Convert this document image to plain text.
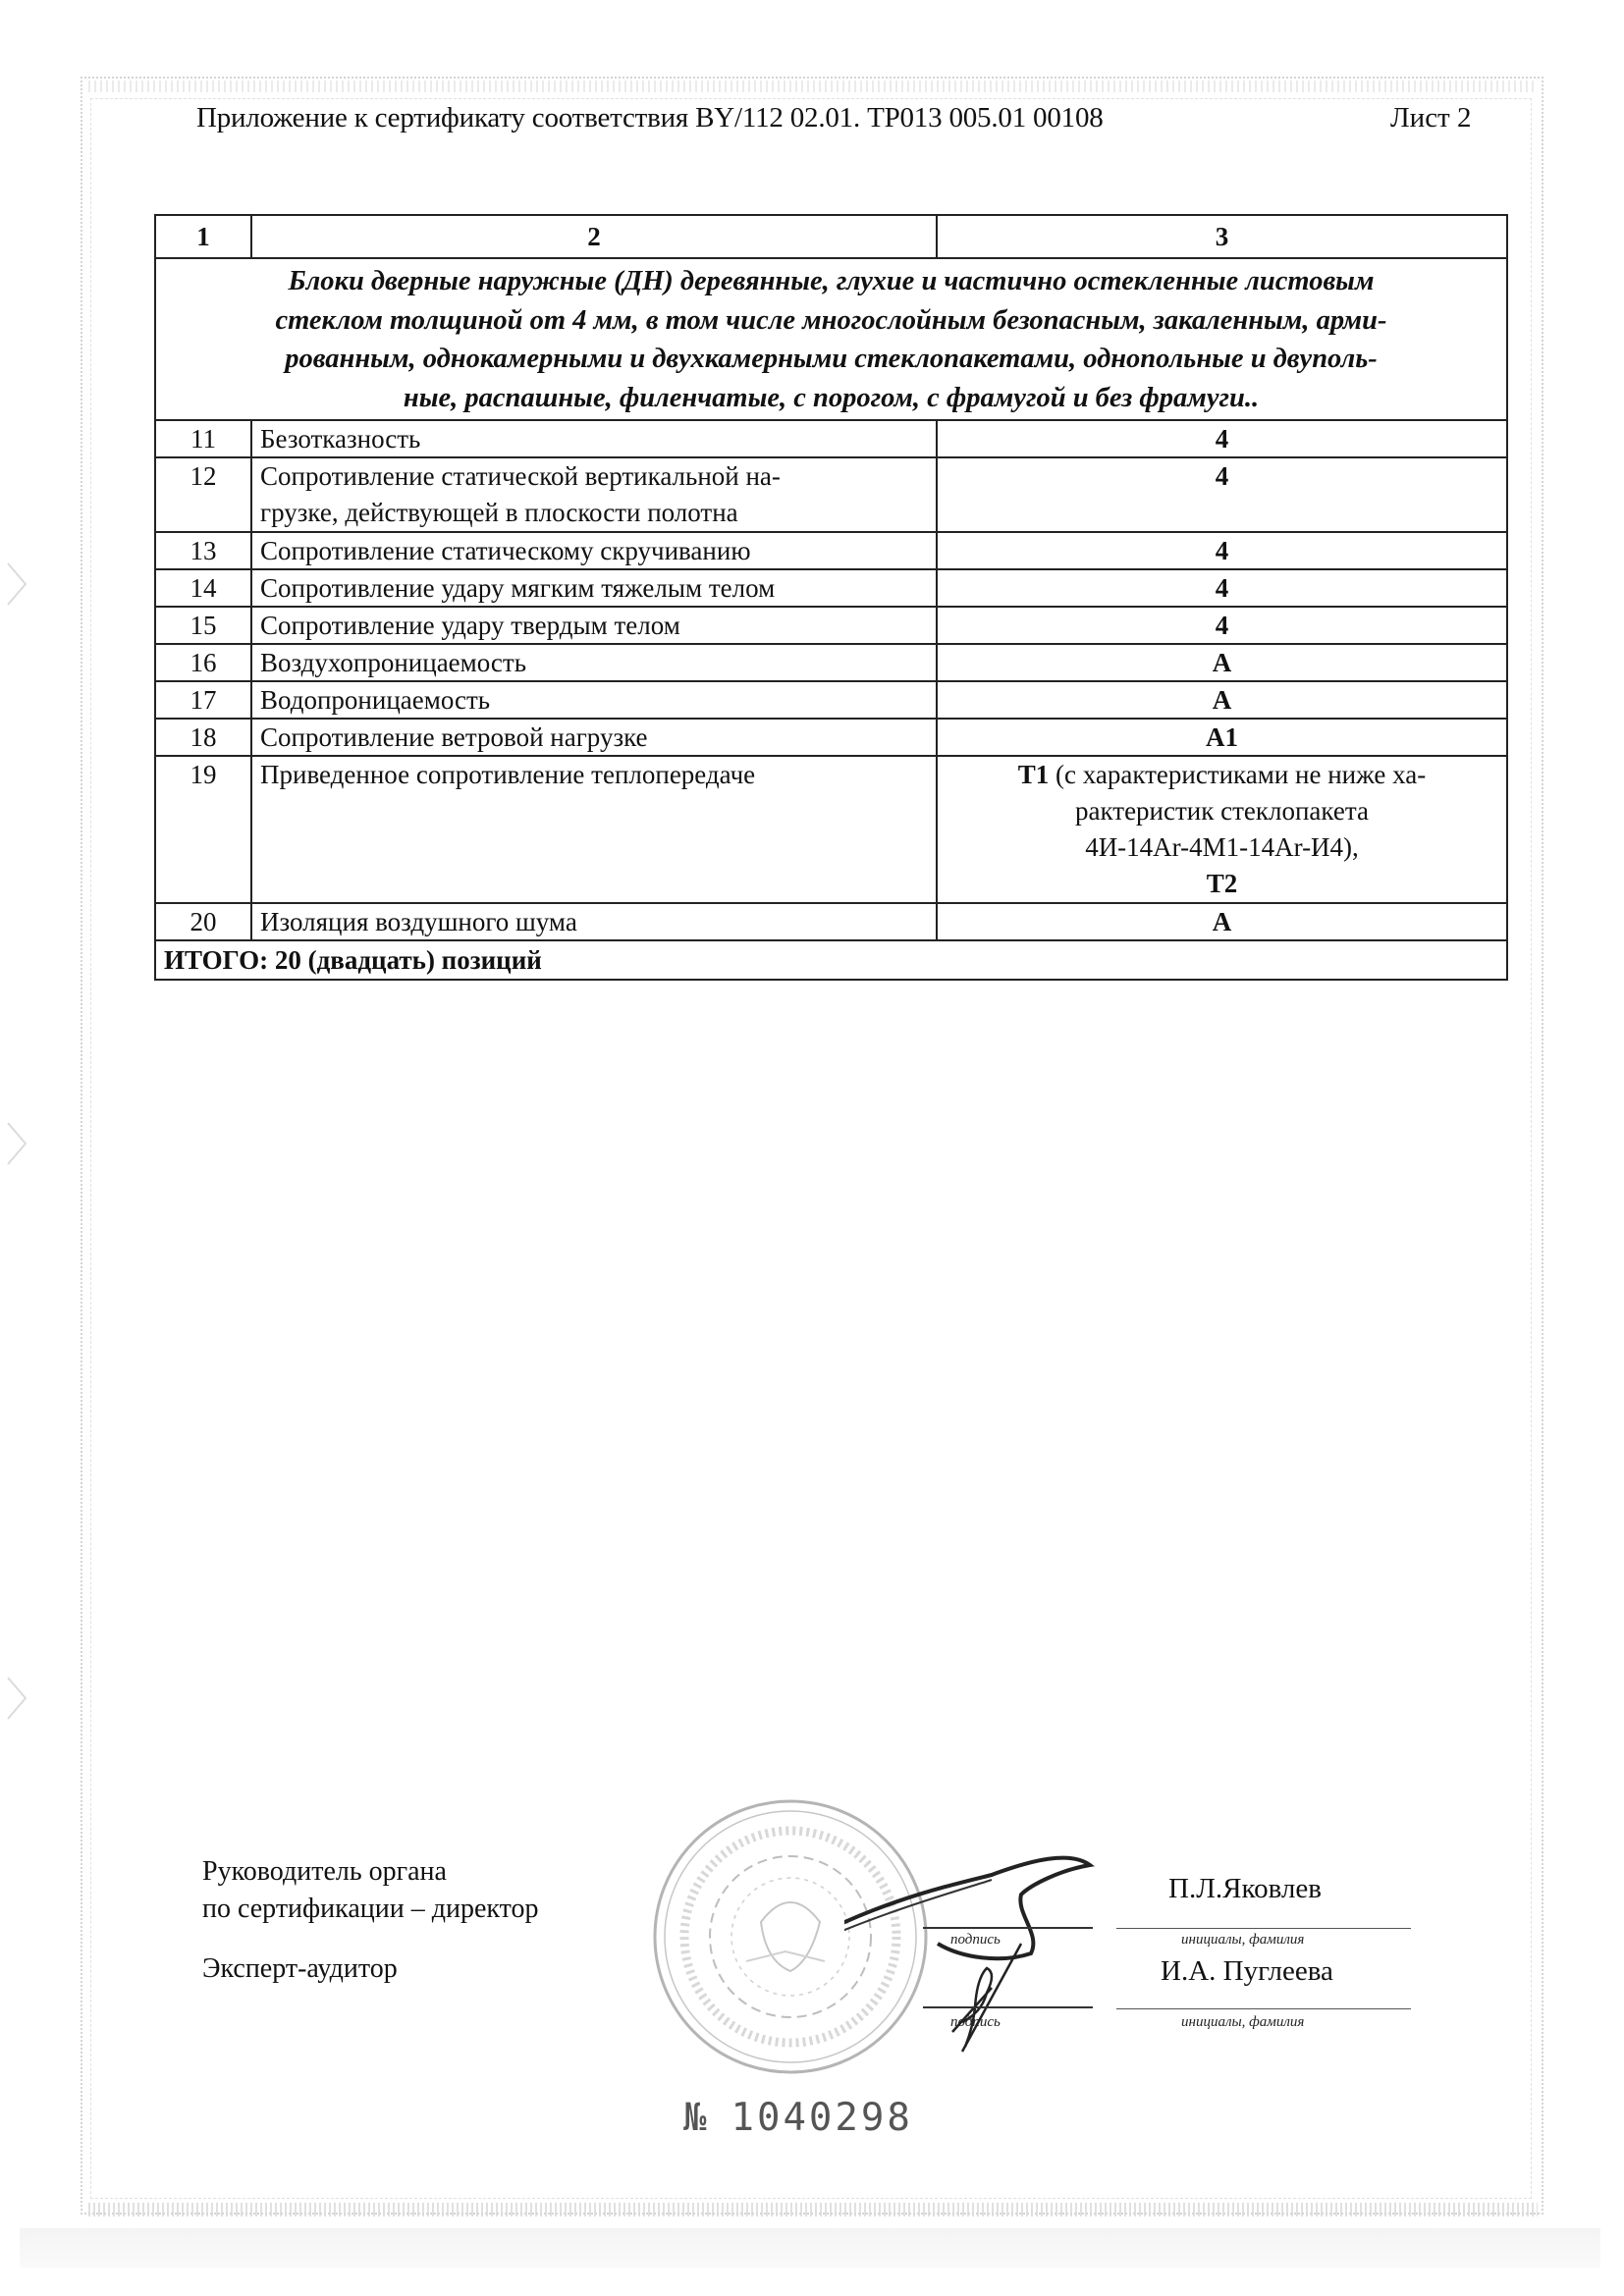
Приложение к сертификату соответствия BY/112 02.01. ТР013 005.01 00108	Лист 2
1	2	3
Блоки дверные наружные (ДН) деревянные, глухие и частично остекленные листовым
стеклом толщиной от 4 мм, в том числе многослойным безопасным, закаленным, арми-
рованным, однокамерными и двухкамерными стеклопакетами, однопольные и двуполь-
ные, распашные, филенчатые, с порогом, с фрамугой и без фрамуги..		
11	Безотказность	4
12	Сопротивление статической вертикальной на-
грузке, действующей в плоскости полотна	4
13	Сопротивление статическому скручиванию	4
14	Сопротивление удару мягким тяжелым телом	4
15	Сопротивление удару твердым телом	4
16	Воздухопроницаемость	А
17	Водопроницаемость	А
18	Сопротивление ветровой нагрузке	А1
19	Приведенное сопротивление теплопередаче	Т1 (с характеристиками не ниже ха-
рактеристик стеклопакета
4И-14Ar-4М1-14Ar-И4),
Т2
20	Изоляция воздушного шума	А
ИТОГО: 20 (двадцать) позиций		
Руководитель органа
по сертификации – директор
Эксперт-аудитор
П.Л.Яковлев
подпись	инициалы, фамилия
И.А. Пуглеева
подпись	инициалы, фамилия
№ 1040298
